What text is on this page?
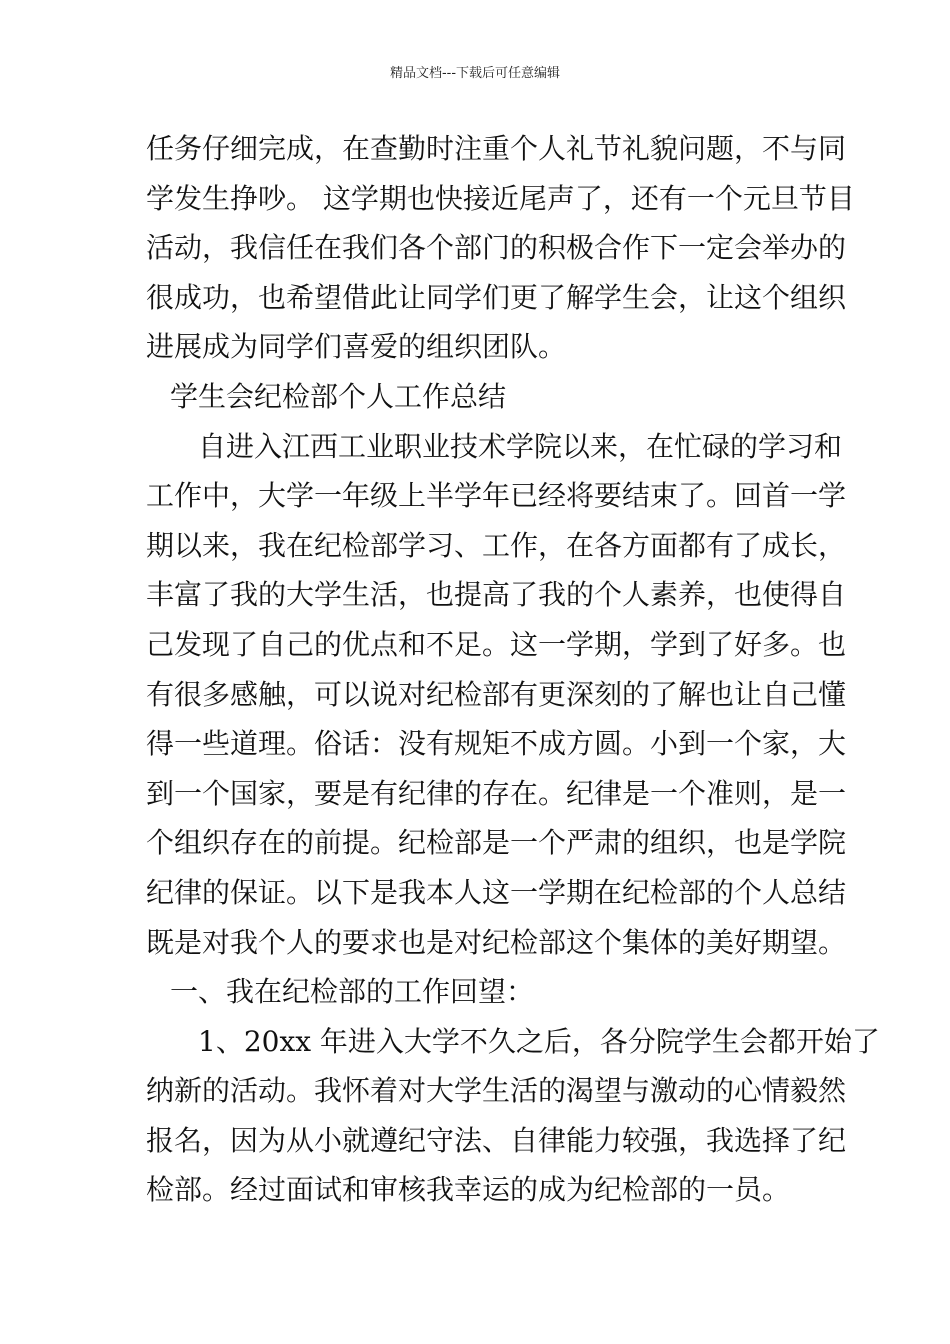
精品文档---下载后可任意编辑
任务仔细完成，在查勤时注重个人礼节礼貌问题，不与同
学发生挣吵。 这学期也快接近尾声了，还有一个元旦节目
活动，我信任在我们各个部门的积极合作下一定会举办的
很成功，也希望借此让同学们更了解学生会，让这个组织
进展成为同学们喜爱的组织团队。
学生会纪检部个人工作总结
自进入江西工业职业技术学院以来，在忙碌的学习和
工作中，大学一年级上半学年已经将要结束了。回首一学
期以来，我在纪检部学习、工作，在各方面都有了成长，
丰富了我的大学生活，也提高了我的个人素养，也使得自
己发现了自己的优点和不足。这一学期，学到了好多。也
有很多感触，可以说对纪检部有更深刻的了解也让自己懂
得一些道理。俗话：没有规矩不成方圆。小到一个家，大
到一个国家，要是有纪律的存在。纪律是一个准则，是一
个组织存在的前提。纪检部是一个严肃的组织，也是学院
纪律的保证。以下是我本人这一学期在纪检部的个人总结
既是对我个人的要求也是对纪检部这个集体的美好期望。
一、我在纪检部的工作回望：
1、20xx 年进入大学不久之后，各分院学生会都开始了
纳新的活动。我怀着对大学生活的渴望与激动的心情毅然
报名，因为从小就遵纪守法、自律能力较强，我选择了纪
检部。经过面试和审核我幸运的成为纪检部的一员。
